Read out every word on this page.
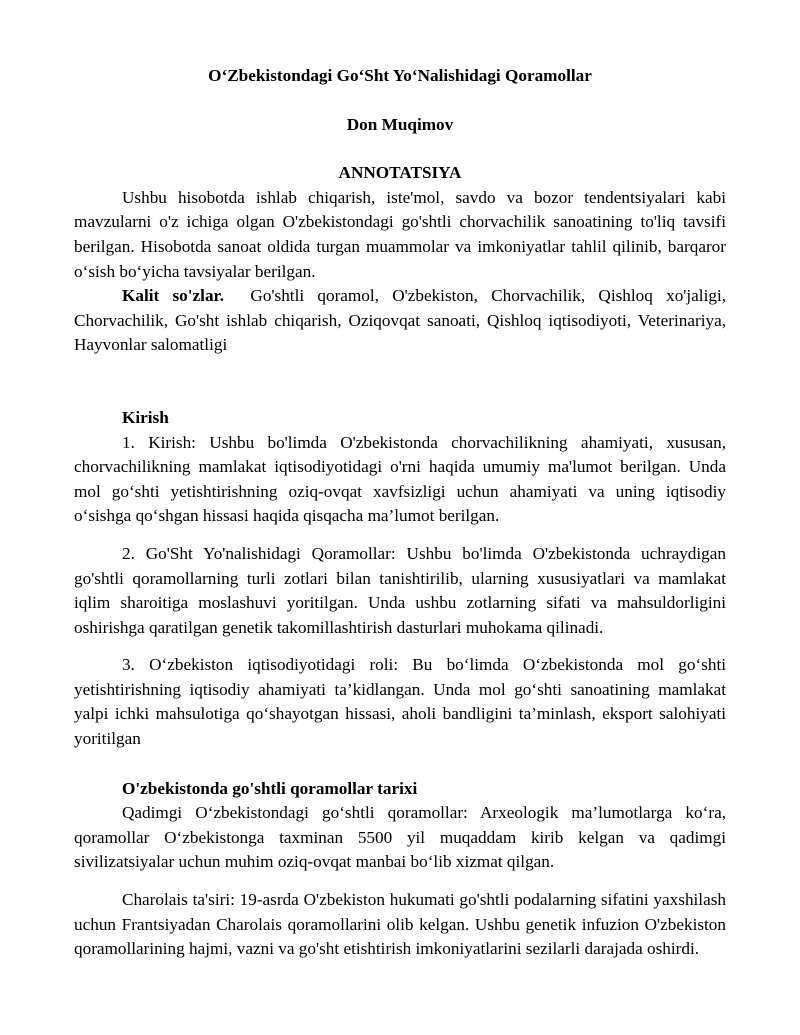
O‘Zbekistondagi Go‘Sht Yo‘Nalishidagi Qoramollar

Don Muqimov

ANNOTATSIYA

Ushbu hisobotda ishlab chiqarish, iste'mol, savdo va bozor tendentsiyalari kabi mavzularni o'z ichiga olgan O'zbekistondagi go'shtli chorvachilik sanoatining to'liq tavsifi berilgan. Hisobotda sanoat oldida turgan muammolar va imkoniyatlar tahlil qilinib, barqaror o‘sish bo‘yicha tavsiyalar berilgan.

Kalit so'zlar. Go'shtli qoramol, O'zbekiston, Chorvachilik, Qishloq xo'jaligi, Chorvachilik, Go'sht ishlab chiqarish, Oziqovqat sanoati, Qishloq iqtisodiyoti, Veterinariya, Hayvonlar salomatligi

Kirish

1. Kirish: Ushbu bo'limda O'zbekistonda chorvachilikning ahamiyati, xususan, chorvachilikning mamlakat iqtisodiyotidagi o'rni haqida umumiy ma'lumot berilgan. Unda mol go‘shti yetishtirishning oziq-ovqat xavfsizligi uchun ahamiyati va uning iqtisodiy o‘sishga qo‘shgan hissasi haqida qisqacha ma’lumot berilgan.

2. Go'Sht Yo'nalishidagi Qoramollar: Ushbu bo'limda O'zbekistonda uchraydigan go'shtli qoramollarning turli zotlari bilan tanishtirilib, ularning xususiyatlari va mamlakat iqlim sharoitiga moslashuvi yoritilgan. Unda ushbu zotlarning sifati va mahsuldorligini oshirishga qaratilgan genetik takomillashtirish dasturlari muhokama qilinadi.

3. O‘zbekiston iqtisodiyotidagi roli: Bu bo‘limda O‘zbekistonda mol go‘shti yetishtirishning iqtisodiy ahamiyati ta’kidlangan. Unda mol go‘shti sanoatining mamlakat yalpi ichki mahsulotiga qo‘shayotgan hissasi, aholi bandligini ta’minlash, eksport salohiyati yoritilgan

O'zbekistonda go'shtli qoramollar tarixi

Qadimgi O‘zbekistondagi go‘shtli qoramollar: Arxeologik ma’lumotlarga ko‘ra, qoramollar O‘zbekistonga taxminan 5500 yil muqaddam kirib kelgan va qadimgi sivilizatsiyalar uchun muhim oziq-ovqat manbai bo‘lib xizmat qilgan.

Charolais ta'siri: 19-asrda O'zbekiston hukumati go'shtli podalarning sifatini yaxshilash uchun Frantsiyadan Charolais qoramollarini olib kelgan. Ushbu genetik infuzion O'zbekiston qoramollarining hajmi, vazni va go'sht etishtirish imkoniyatlarini sezilarli darajada oshirdi.
